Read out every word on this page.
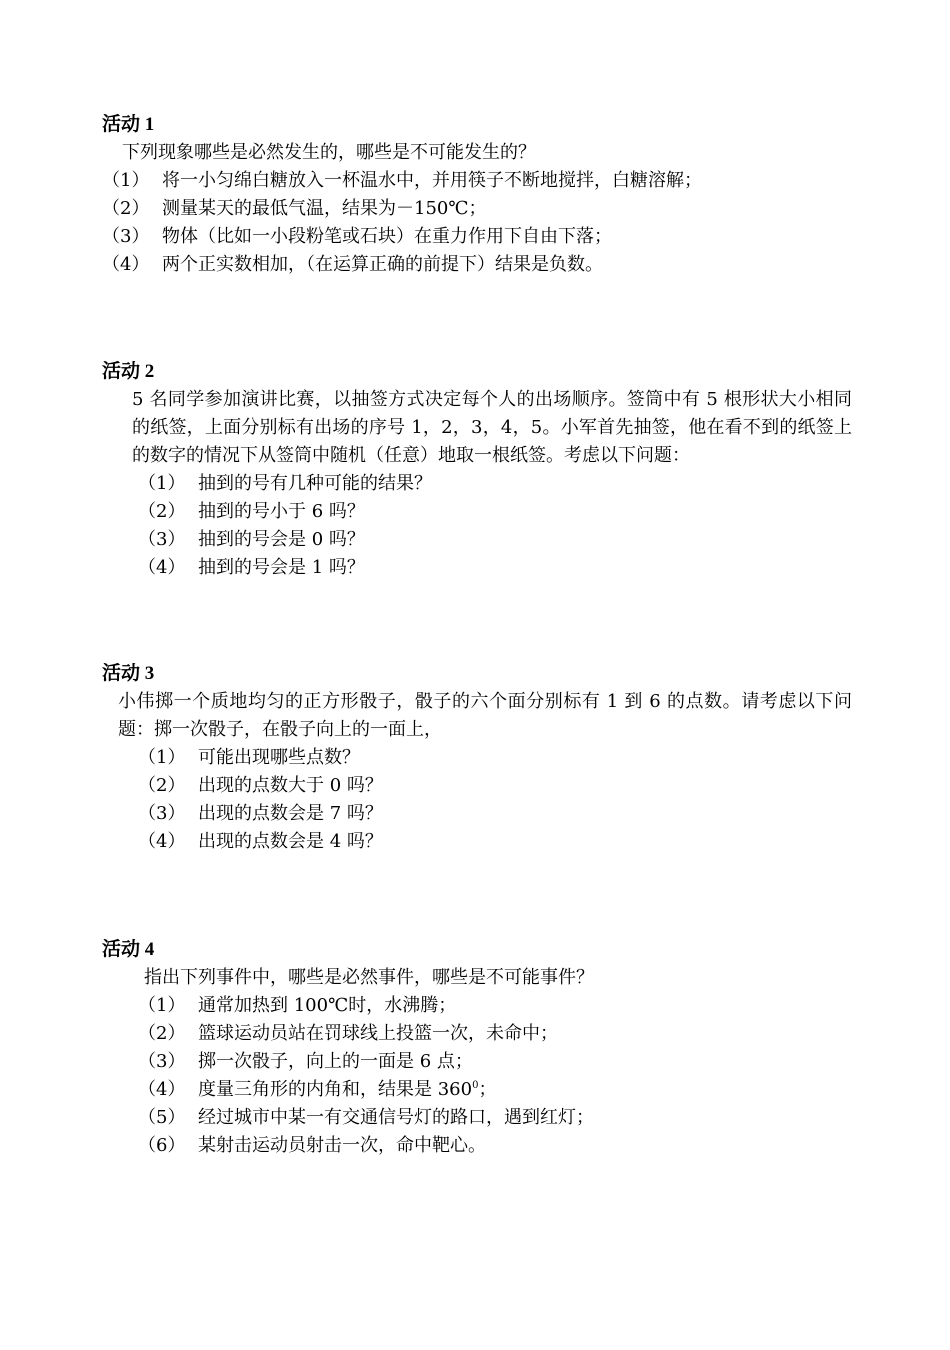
活动 1
下列现象哪些是必然发生的，哪些是不可能发生的？
（1） 将一小匀绵白糖放入一杯温水中，并用筷子不断地搅拌，白糖溶解；
（2） 测量某天的最低气温，结果为－150℃；
（3） 物体（比如一小段粉笔或石块）在重力作用下自由下落；
（4） 两个正实数相加，（在运算正确的前提下）结果是负数。
活动 2
5 名同学参加演讲比赛，以抽签方式决定每个人的出场顺序。签筒中有 5 根形状大小相同的纸签，上面分别标有出场的序号 1，2，3，4，5。小军首先抽签，他在看不到的纸签上的数字的情况下从签筒中随机（任意）地取一根纸签。考虑以下问题：
（1） 抽到的号有几种可能的结果？
（2） 抽到的号小于 6 吗？
（3） 抽到的号会是 0 吗？
（4） 抽到的号会是 1 吗？
活动 3
小伟掷一个质地均匀的正方形骰子，骰子的六个面分别标有 1 到 6 的点数。请考虑以下问题：掷一次骰子，在骰子向上的一面上，
（1） 可能出现哪些点数？
（2） 出现的点数大于 0 吗？
（3） 出现的点数会是 7 吗？
（4） 出现的点数会是 4 吗？
活动 4
指出下列事件中，哪些是必然事件，哪些是不可能事件？
（1） 通常加热到 100℃时，水沸腾；
（2） 篮球运动员站在罚球线上投篮一次，未命中；
（3） 掷一次骰子，向上的一面是 6 点；
（4） 度量三角形的内角和，结果是 $360^0$；
（5） 经过城市中某一有交通信号灯的路口，遇到红灯；
（6） 某射击运动员射击一次，命中靶心。
